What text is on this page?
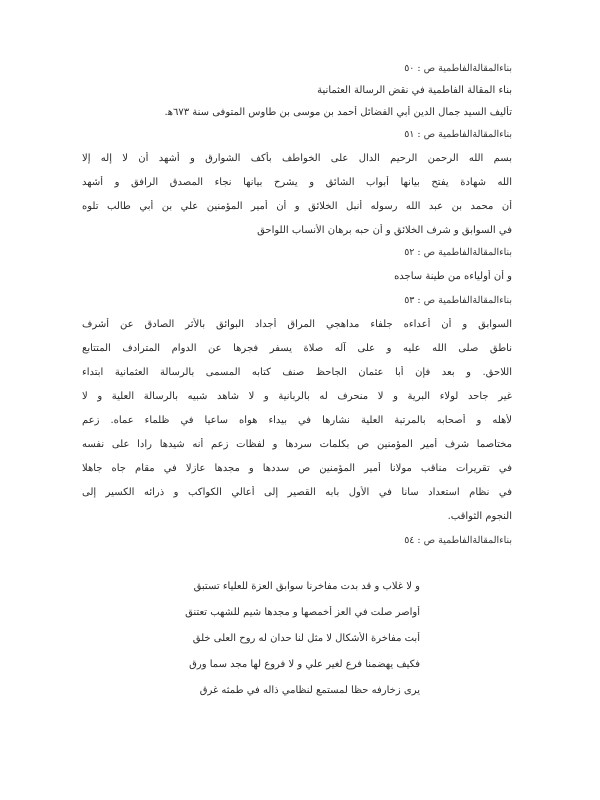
بناءالمقالةالفاطمية ص : ٥٠
بناء المقالة الفاطمية في نقض الرسالة العثمانية
تأليف السيد جمال الدين أبي الفضائل أحمد بن موسى بن طاوس المتوفى سنة ٦٧٣ه‍.
بناءالمقالةالفاطمية ص : ٥١
بسم الله الرحمن الرحيم الدال على الخواطف بأكف الشوارق و أشهد أن لا إله إلا
الله شهادة يفتح بيانها أبواب الشائق و يشرح بيانها نجاء المصدق الرافق و أشهد
أن محمد بن عبد الله رسوله أنبل الخلائق و أن أمير المؤمنين علي بن أبي طالب تلوه
في السوابق و شرف الخلائق و أن حبه برهان الأنساب اللواحق
بناءالمقالةالفاطمية ص : ٥٢
و أن أولياءه من طينة ساجده
بناءالمقالةالفاطمية ص : ٥٣
السوابق و أن أعداءه جلفاء مداهجي المراق أجداد البوائق بالأثر الصادق عن أشرف
ناطق صلى الله عليه و على آله صلاة يسفر فجرها عن الدوام المترادف المتتابع
اللاحق. و بعد فإن أبا عثمان الجاحظ صنف كتابه المسمى بالرسالة العثمانية ابتداء
غير جاحد لولاء البرية و لا منحرف له بالربانية و لا شاهد شبيه بالرسالة العلية و لا
لأهله و أصحابه بالمرتبة العلية نشارها في بيداء هواه ساعيا في ظلماء عماه. زعم
مختاصما شرف أمير المؤمنين ص بكلمات سردها و لفظات زعم أنه شيدها رادا على نفسه
في تقريرات مناقب مولانا أمير المؤمنين ص سددها و مجدها عازلا في مقام جاه جاهلا
في نظام استعداد سانا في الأول بابه القصير إلى أعالي الكواكب و ذرائه الكسير إلى
النجوم الثواقب.
بناءالمقالةالفاطمية ص : ٥٤
و لا غلاب و قد بدت مفاخرنا سوابق العزة للعلياء تستبق
أواصر صلت في العز أخمصها و مجدها شيم للشهب تعتنق
أبت مفاخرة الأشكال لا مثل لنا حدان له روح العلى خلق
فكيف يهضمنا فرع لغير علي و لا فروع لها مجد سما ورق
يرى زخارفه حظا لمستمع لنظامي ذاله في طمثه غرق
